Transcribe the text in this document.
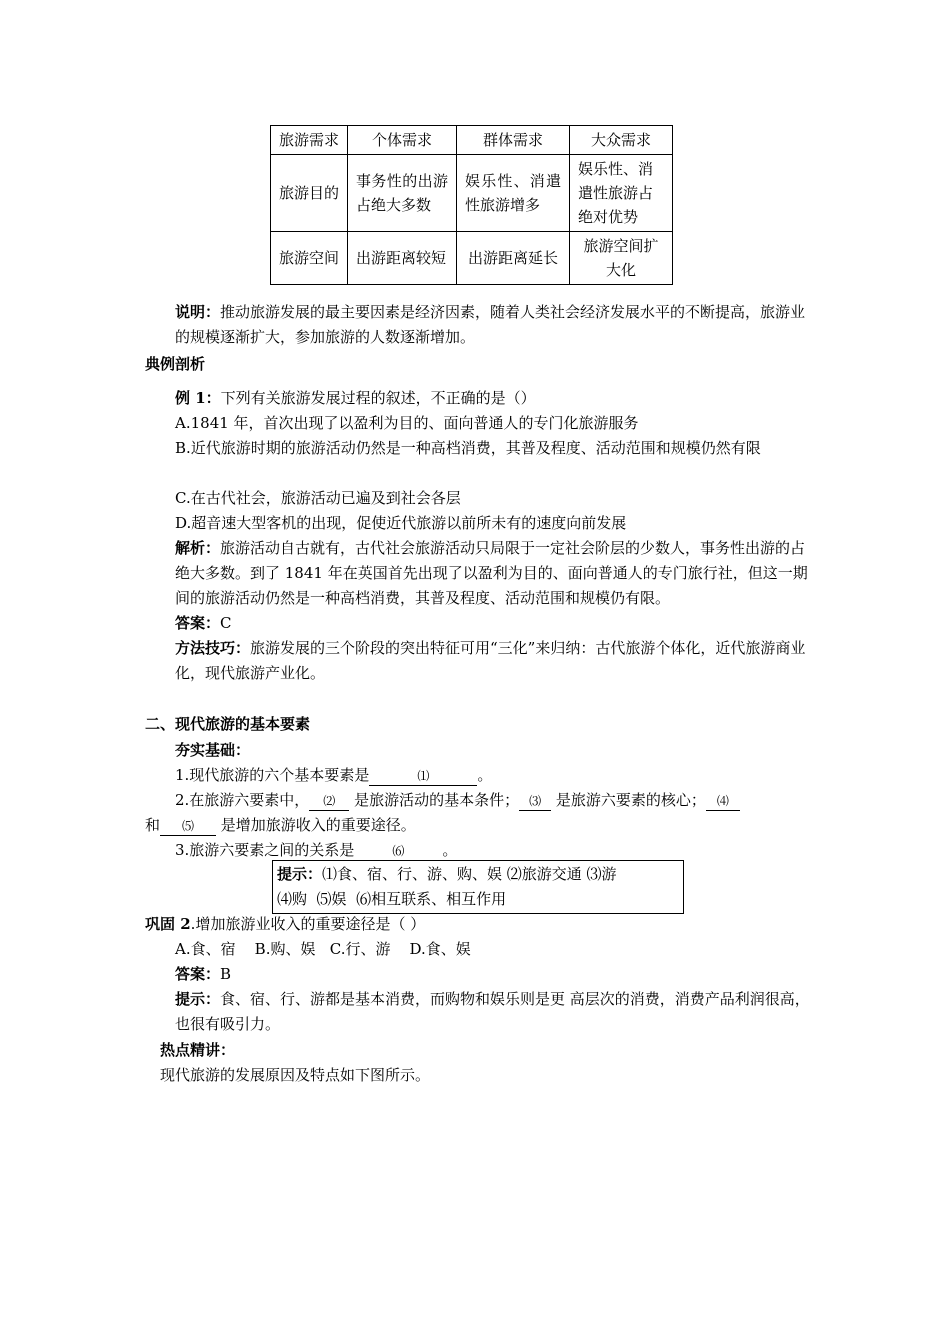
旅游需求	个体需求	群体需求	大众需求
旅游目的	事务性的出游占绝大多数	娱乐性、消遣性旅游增多	娱乐性、消遣性旅游占绝对优势
旅游空间	出游距离较短	出游距离延长	旅游空间扩大化
说明：推动旅游发展的最主要因素是经济因素，随着人类社会经济发展水平的不断提高，旅游业的规模逐渐扩大，参加旅游的人数逐渐增加。
典例剖析
例 1：下列有关旅游发展过程的叙述，不正确的是（）
A.1841 年，首次出现了以盈利为目的、面向普通人的专门化旅游服务
B.近代旅游时期的旅游活动仍然是一种高档消费，其普及程度、活动范围和规模仍然有限
C.在古代社会，旅游活动已遍及到社会各层
D.超音速大型客机的出现，促使近代旅游以前所未有的速度向前发展
解析：旅游活动自古就有，古代社会旅游活动只局限于一定社会阶层的少数人，事务性出游的占绝大多数。到了 1841 年在英国首先出现了以盈利为目的、面向普通人的专门旅行社，但这一期间的旅游活动仍然是一种高档消费，其普及程度、活动范围和规模仍有限。
答案：C
方法技巧：旅游发展的三个阶段的突出特征可用“三化”来归纳：古代旅游个体化，近代旅游商业化，现代旅游产业化。
二、现代旅游的基本要素
夯实基础：
1.现代旅游的六个基本要素是	⑴	。
2.在旅游六要素中， ⑵ 是旅游活动的基本条件； ⑶ 是旅游六要素的核心； ⑷
和 ⑸ 是增加旅游收入的重要途径。
3.旅游六要素之间的关系是	⑹	。
巩固 2.增加旅游业收入的重要途径是（ ）
A.食、宿    B.购、娱   C.行、游    D.食、娱
答案：B
提示：食、宿、行、游都是基本消费，而购物和娱乐则是更 高层次的消费，消费产品利润很高，也很有吸引力。
热点精讲：
现代旅游的发展原因及特点如下图所示。
提示：⑴食、宿、行、游、购、娱 ⑵旅游交通 ⑶游
⑷购  ⑸娱  ⑹相互联系、相互作用
